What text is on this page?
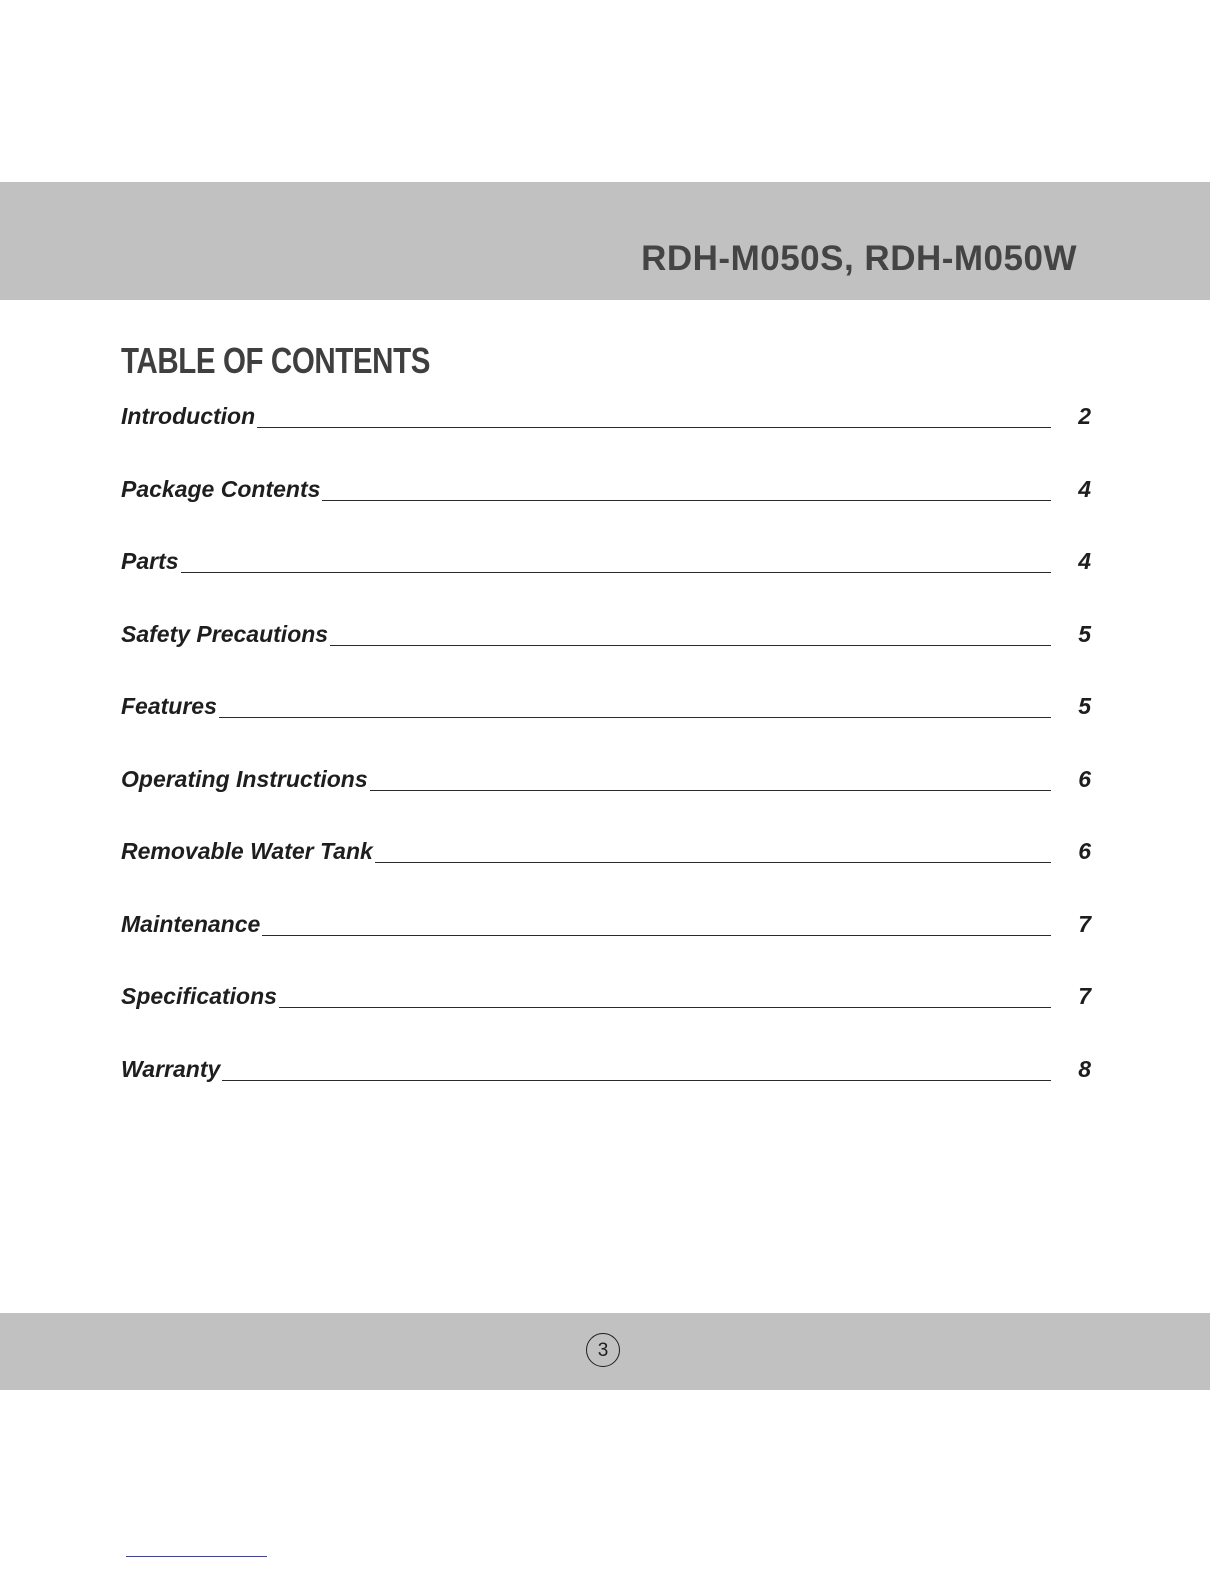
RDH-M050S, RDH-M050W
TABLE OF CONTENTS
Introduction	2
Package Contents	4
Parts	4
Safety Precautions	5
Features	5
Operating Instructions	6
Removable Water Tank	6
Maintenance	7
Specifications	7
Warranty	8
3
